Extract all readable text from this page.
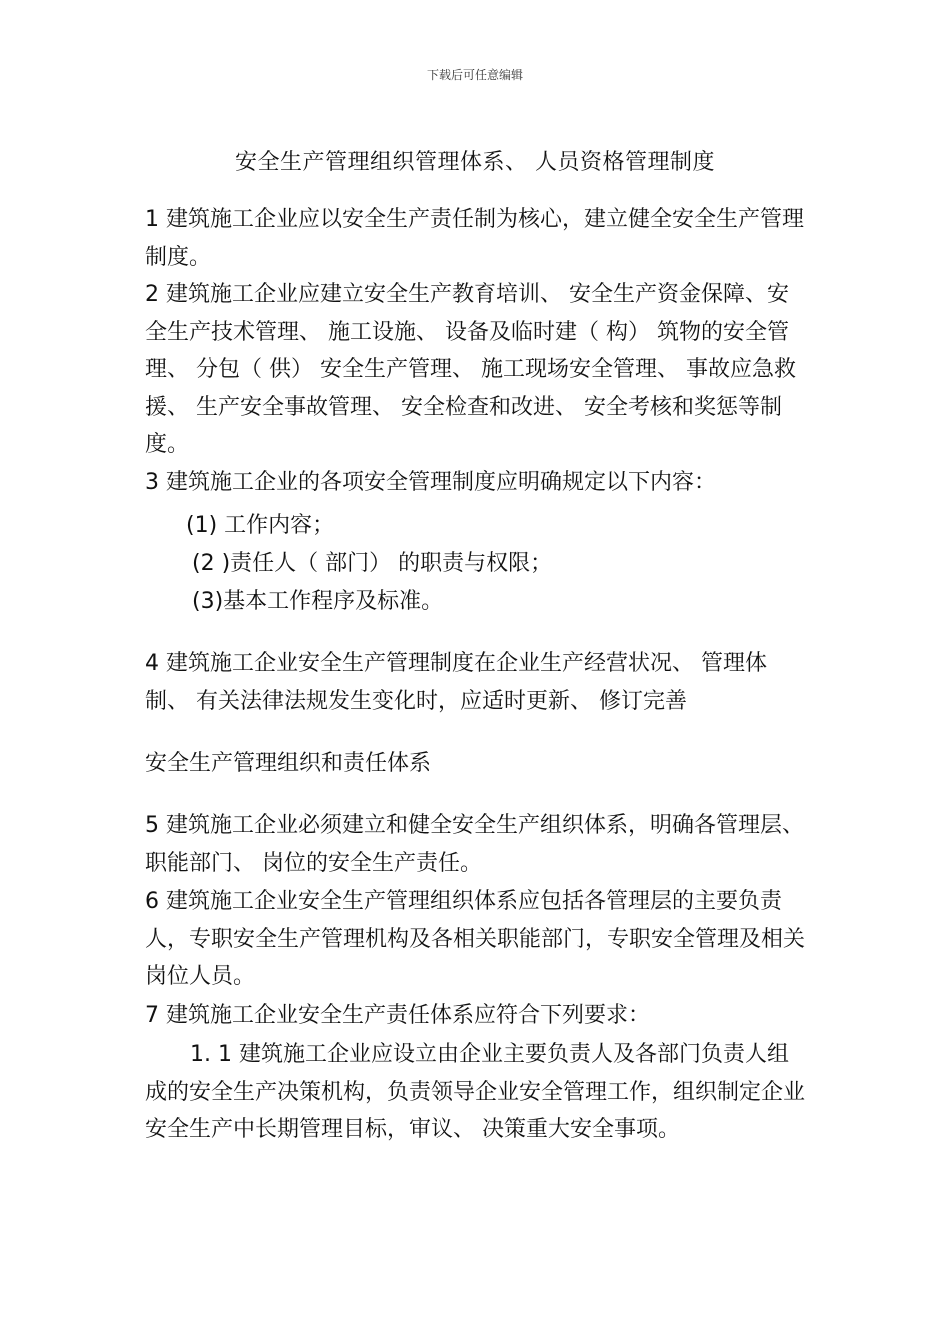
下载后可任意编辑
安全生产管理组织管理体系、 人员资格管理制度
1 建筑施工企业应以安全生产责任制为核心，建立健全安全生产管理制度。
2 建筑施工企业应建立安全生产教育培训、 安全生产资金保障、安全生产技术管理、 施工设施、 设备及临时建（ 构） 筑物的安全管理、 分包（ 供） 安全生产管理、 施工现场安全管理、 事故应急救援、 生产安全事故管理、 安全检查和改进、 安全考核和奖惩等制度。
3 建筑施工企业的各项安全管理制度应明确规定以下内容：
(1) 工作内容；
(2 )责任人（ 部门） 的职责与权限；
(3)基本工作程序及标准。
4 建筑施工企业安全生产管理制度在企业生产经营状况、 管理体制、 有关法律法规发生变化时，应适时更新、 修订完善
安全生产管理组织和责任体系
5 建筑施工企业必须建立和健全安全生产组织体系，明确各管理层、 职能部门、 岗位的安全生产责任。
6 建筑施工企业安全生产管理组织体系应包括各管理层的主要负责人，专职安全生产管理机构及各相关职能部门，专职安全管理及相关岗位人员。
7 建筑施工企业安全生产责任体系应符合下列要求：
1. 1 建筑施工企业应设立由企业主要负责人及各部门负责人组成的安全生产决策机构，负责领导企业安全管理工作，组织制定企业安全生产中长期管理目标，审议、 决策重大安全事项。
